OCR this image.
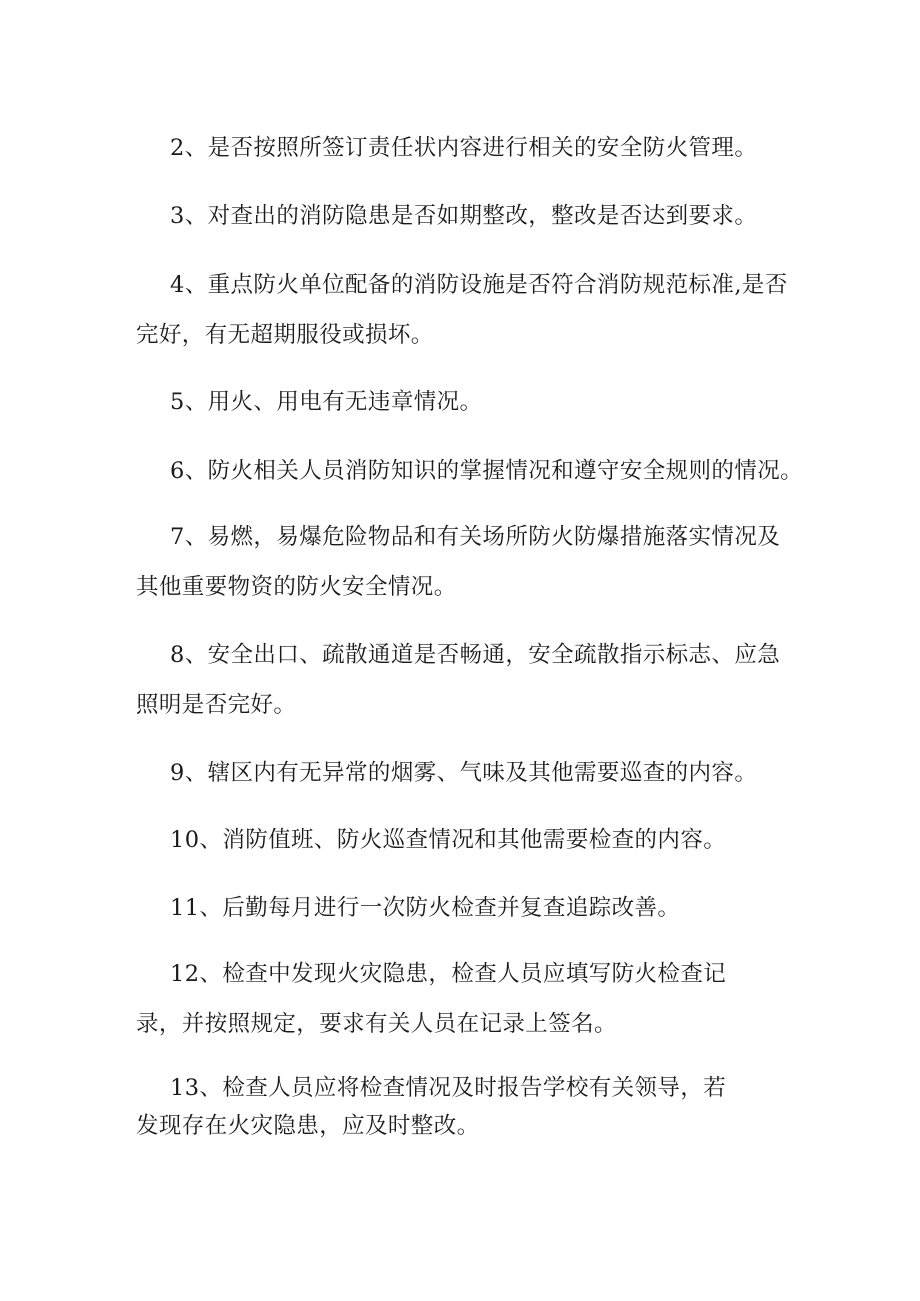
2、是否按照所签订责任状内容进行相关的安全防火管理。
3、对查出的消防隐患是否如期整改，整改是否达到要求。
4、重点防火单位配备的消防设施是否符合消防规范标准,是否
完好，有无超期服役或损坏。
5、用火、用电有无违章情况。
6、防火相关人员消防知识的掌握情况和遵守安全规则的情况。
7、易燃，易爆危险物品和有关场所防火防爆措施落实情况及
其他重要物资的防火安全情况。
8、安全出口、疏散通道是否畅通，安全疏散指示标志、应急
照明是否完好。
9、辖区内有无异常的烟雾、气味及其他需要巡查的内容。
10、消防值班、防火巡查情况和其他需要检查的内容。
11、后勤每月进行一次防火检查并复查追踪改善。
12、检查中发现火灾隐患，检查人员应填写防火检查记
录，并按照规定，要求有关人员在记录上签名。
13、检查人员应将检查情况及时报告学校有关领导，若
发现存在火灾隐患，应及时整改。
